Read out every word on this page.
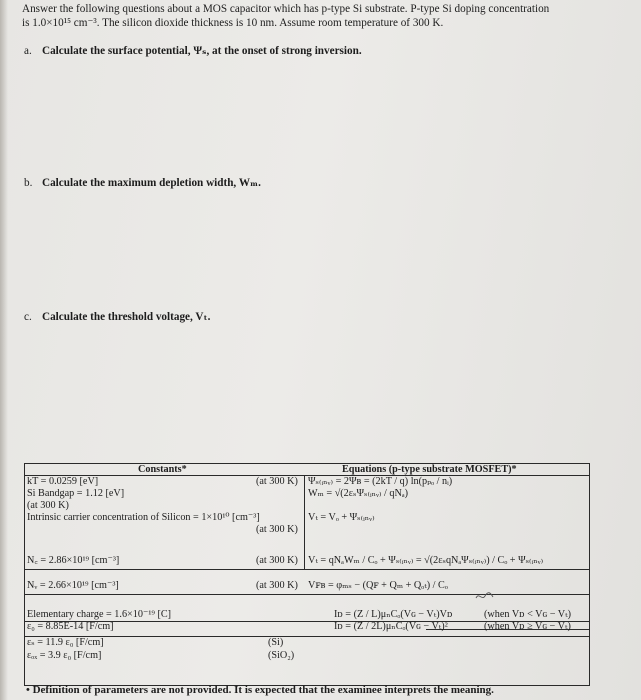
Answer the following questions about a MOS capacitor which has p-type Si substrate. P-type Si doping concentration
is 1.0×10¹⁵ cm⁻³. The silicon dioxide thickness is 10 nm. Assume room temperature of 300 K.
a. Calculate the surface potential, Ψₛ, at the onset of strong inversion.
b. Calculate the maximum depletion width, Wₘ.
c. Calculate the threshold voltage, Vₜ.
Constants*	Equations (p-type substrate MOSFET)*
kT = 0.0259 [eV]	(at 300 K) Ψₛ₍ᵢₙᵥ₎ = 2Ψʙ = (2kT / q) ln(pₚₒ / nᵢ)
Si Bandgap = 1.12 [eV]	Wₘ = √(2εₛΨₛ₍ᵢₙᵥ₎ / qNₐ)
(at 300 K)
Intrinsic carrier concentration of Silicon = 1×10¹⁰ [cm⁻³]	Vₜ = Vₒ + Ψₛ₍ᵢₙᵥ₎
(at 300 K)
N꜀ = 2.86×10¹⁹ [cm⁻³]	(at 300 K) Vₜ = qNₐWₘ / Cₒ + Ψₛ₍ᵢₙᵥ₎ = √(2εₛqNₐΨₛ₍ᵢₙᵥ₎) / Cₒ + Ψₛ₍ᵢₙᵥ₎
Nᵥ = 2.66×10¹⁹ [cm⁻³]	(at 300 K) Vꜰʙ = φₘₛ − (Qꜰ + Qₘ + Qₒₜ) / Cₒ
Elementary charge = 1.6×10⁻¹⁹ [C]	Iᴅ = (Z / L)μₙCₒ(Vɢ − Vₜ)Vᴅ	(when Vᴅ < Vɢ − Vₜ)
ε₀ = 8.85E-14 [F/cm]	Iᴅ = (Z / 2L)μₙCₒ(Vɢ − Vₜ)²	(when Vᴅ ≥ Vɢ − Vₜ)
εₛ = 11.9 ε₀ [F/cm]	(Si)
εₒₓ = 3.9 ε₀ [F/cm]	(SiO₂)
• Definition of parameters are not provided. It is expected that the examinee interprets the meaning.
